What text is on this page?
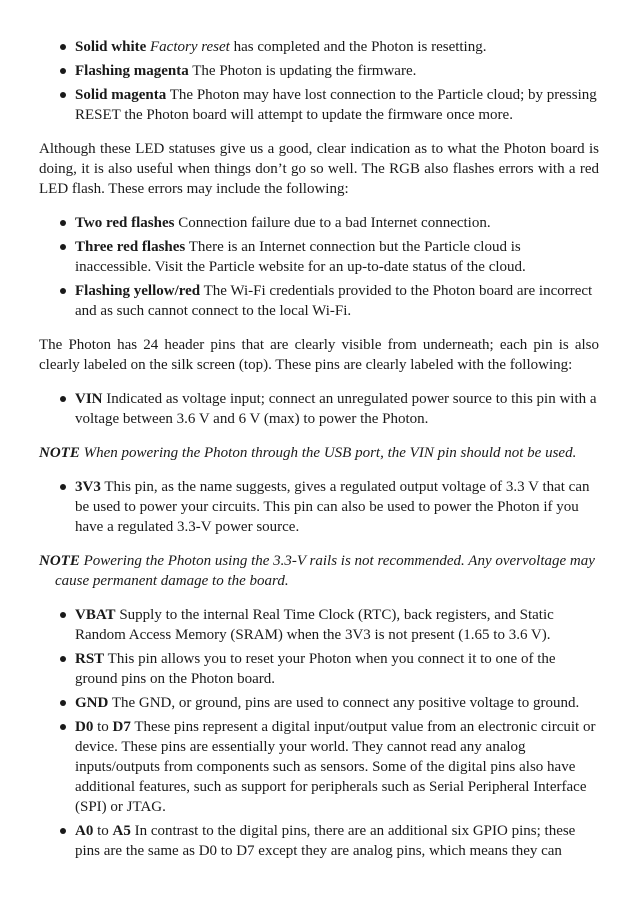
Solid white Factory reset has completed and the Photon is resetting.
Flashing magenta The Photon is updating the firmware.
Solid magenta The Photon may have lost connection to the Particle cloud; by pressing RESET the Photon board will attempt to update the firmware once more.

Although these LED statuses give us a good, clear indication as to what the Photon board is doing, it is also useful when things don’t go so well. The RGB also flashes errors with a red LED flash. These errors may include the following:

Two red flashes Connection failure due to a bad Internet connection.
Three red flashes There is an Internet connection but the Particle cloud is inaccessible. Visit the Particle website for an up-to-date status of the cloud.
Flashing yellow/red The Wi-Fi credentials provided to the Photon board are incorrect and as such cannot connect to the local Wi-Fi.

The Photon has 24 header pins that are clearly visible from underneath; each pin is also clearly labeled on the silk screen (top). These pins are clearly labeled with the following:

VIN Indicated as voltage input; connect an unregulated power source to this pin with a voltage between 3.6 V and 6 V (max) to power the Photon.

NOTE When powering the Photon through the USB port, the VIN pin should not be used.

3V3 This pin, as the name suggests, gives a regulated output voltage of 3.3 V that can be used to power your circuits. This pin can also be used to power the Photon if you have a regulated 3.3-V power source.

NOTE Powering the Photon using the 3.3-V rails is not recommended. Any overvoltage may cause permanent damage to the board.

VBAT Supply to the internal Real Time Clock (RTC), back registers, and Static Random Access Memory (SRAM) when the 3V3 is not present (1.65 to 3.6 V).
RST This pin allows you to reset your Photon when you connect it to one of the ground pins on the Photon board.
GND The GND, or ground, pins are used to connect any positive voltage to ground.
D0 to D7 These pins represent a digital input/output value from an electronic circuit or device. These pins are essentially your world. They cannot read any analog inputs/outputs from components such as sensors. Some of the digital pins also have additional features, such as support for peripherals such as Serial Peripheral Interface (SPI) or JTAG.
A0 to A5 In contrast to the digital pins, there are an additional six GPIO pins; these pins are the same as D0 to D7 except they are analog pins, which means they can
